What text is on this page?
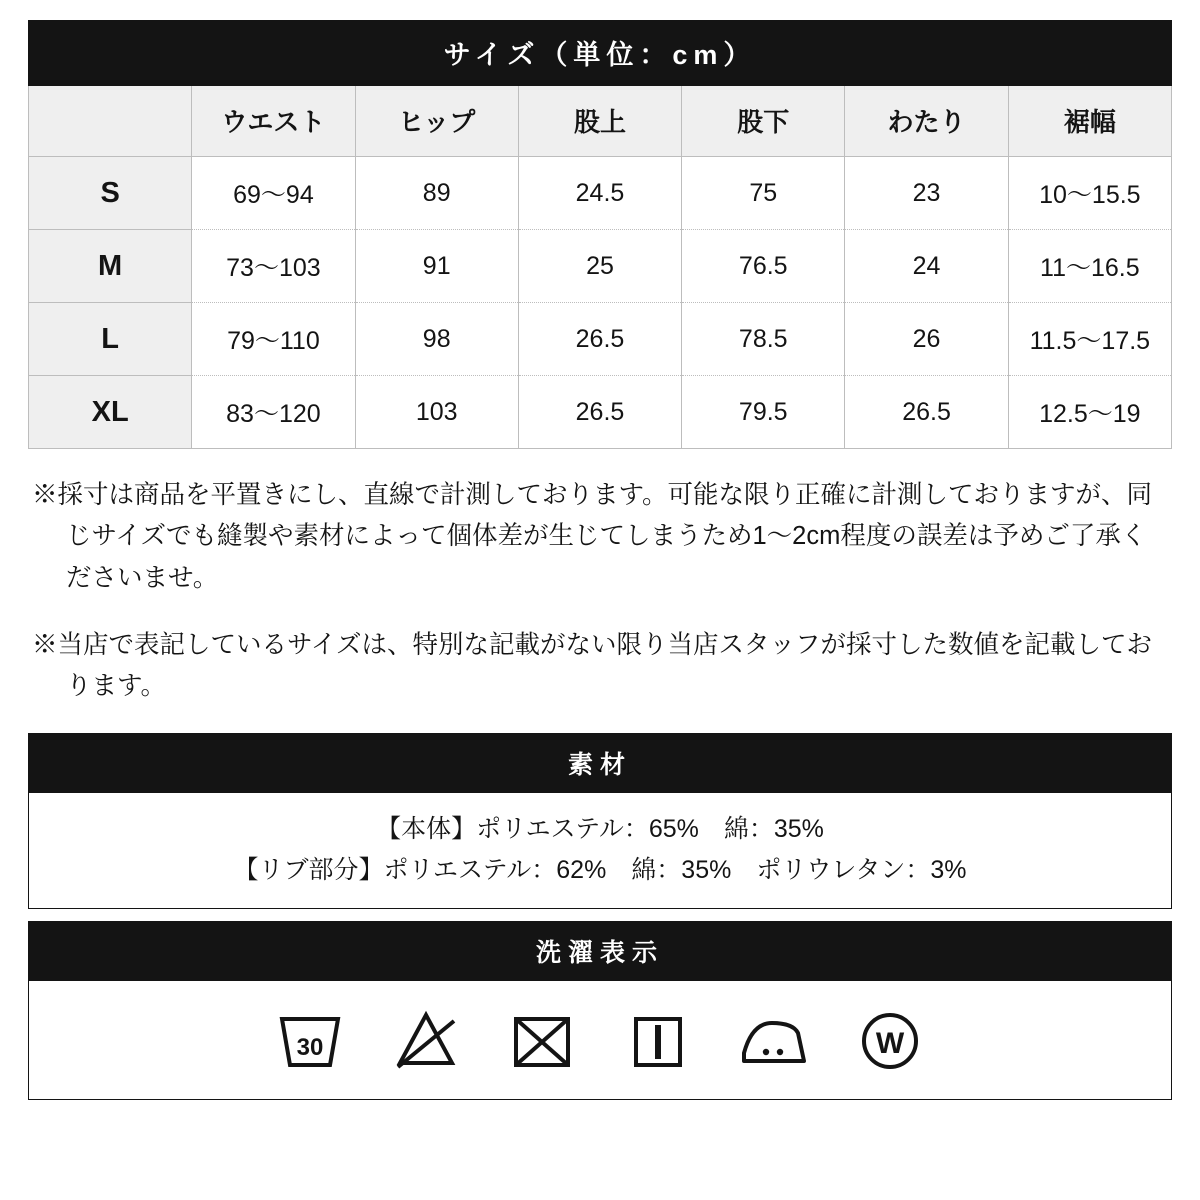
サイズ（単位：cm）						
	ウエスト	ヒップ	股上	股下	わたり	裾幅
S	69〜94	89	24.5	75	23	10〜15.5
M	73〜103	91	25	76.5	24	11〜16.5
L	79〜110	98	26.5	78.5	26	11.5〜17.5
XL	83〜120	103	26.5	79.5	26.5	12.5〜19

※採寸は商品を平置きにし、直線で計測しております。可能な限り正確に計測しておりますが、同じサイズでも縫製や素材によって個体差が生じてしまうため1〜2cm程度の誤差は予めご了承くださいませ。

※当店で表記しているサイズは、特別な記載がない限り当店スタッフが採寸した数値を記載しております。

素材
【本体】ポリエステル：65%　綿：35%
【リブ部分】ポリエステル：62%　綿：35%　ポリウレタン：3%
洗濯表示
30	W
